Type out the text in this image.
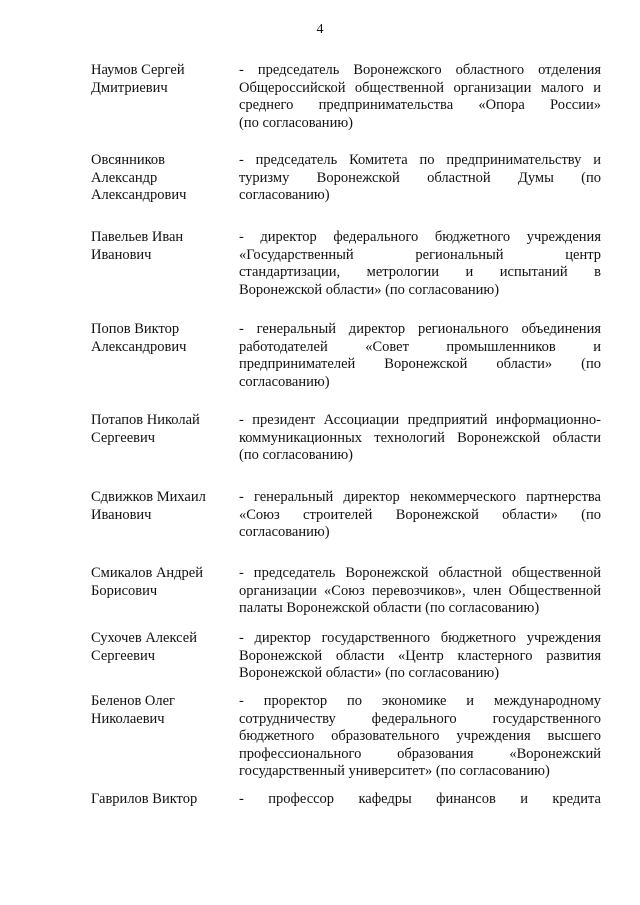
4
Наумов Сергей
Дмитриевич
- председатель Воронежского областного отделения
Общероссийской общественной организации малого и
среднего предпринимательства «Опора России»
(по согласованию)
Овсянников
Александр
Александрович
- председатель Комитета по предпринимательству и
туризму Воронежской областной Думы (по
согласованию)
Павельев Иван
Иванович
- директор федерального бюджетного учреждения
«Государственный региональный центр
стандартизации, метрологии и испытаний в
Воронежской области» (по согласованию)
Попов Виктор
Александрович
- генеральный директор регионального объединения
работодателей «Совет промышленников и
предпринимателей Воронежской области» (по
согласованию)
Потапов Николай
Сергеевич
- президент Ассоциации предприятий информационно-
коммуникационных технологий Воронежской области
(по согласованию)
Сдвижков Михаил
Иванович
- генеральный директор некоммерческого партнерства
«Союз строителей Воронежской области» (по
согласованию)
Смикалов Андрей
Борисович
- председатель Воронежской областной общественной
организации «Союз перевозчиков», член Общественной
палаты Воронежской области (по согласованию)
Сухочев Алексей
Сергеевич
- директор государственного бюджетного учреждения
Воронежской области «Центр кластерного развития
Воронежской области» (по согласованию)
Беленов Олег
Николаевич
- проректор по экономике и международному
сотрудничеству федерального государственного
бюджетного образовательного учреждения высшего
профессионального образования «Воронежский
государственный университет» (по согласованию)
Гаврилов Виктор	- профессор кафедры финансов и кредита
